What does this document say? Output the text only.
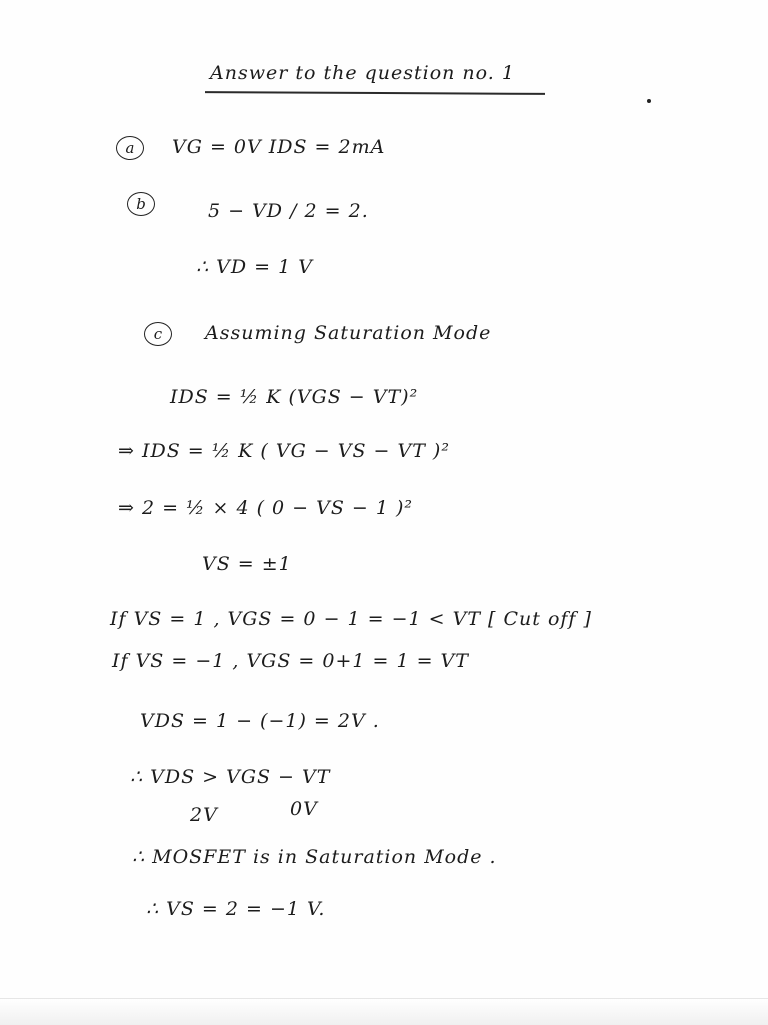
Answer to the question no. 1
a	VG = 0V IDS = 2mA
b	5 − VD / 2 = 2.
∴ VD = 1 V
c	Assuming Saturation Mode
IDS = ½ K (VGS − VT)²
⇒ IDS = ½ K ( VG − VS − VT )²
⇒ 2 = ½ × 4 ( 0 − VS − 1 )²
VS = ±1
If VS = 1 , VGS = 0 − 1 = −1 < VT [ Cut off ]
If VS = −1 , VGS = 0+1 = 1 = VT
VDS = 1 − (−1) = 2V .
∴ VDS > VGS − VT
2V	0V
∴ MOSFET is in Saturation Mode .
∴ VS = 2 = −1 V.
